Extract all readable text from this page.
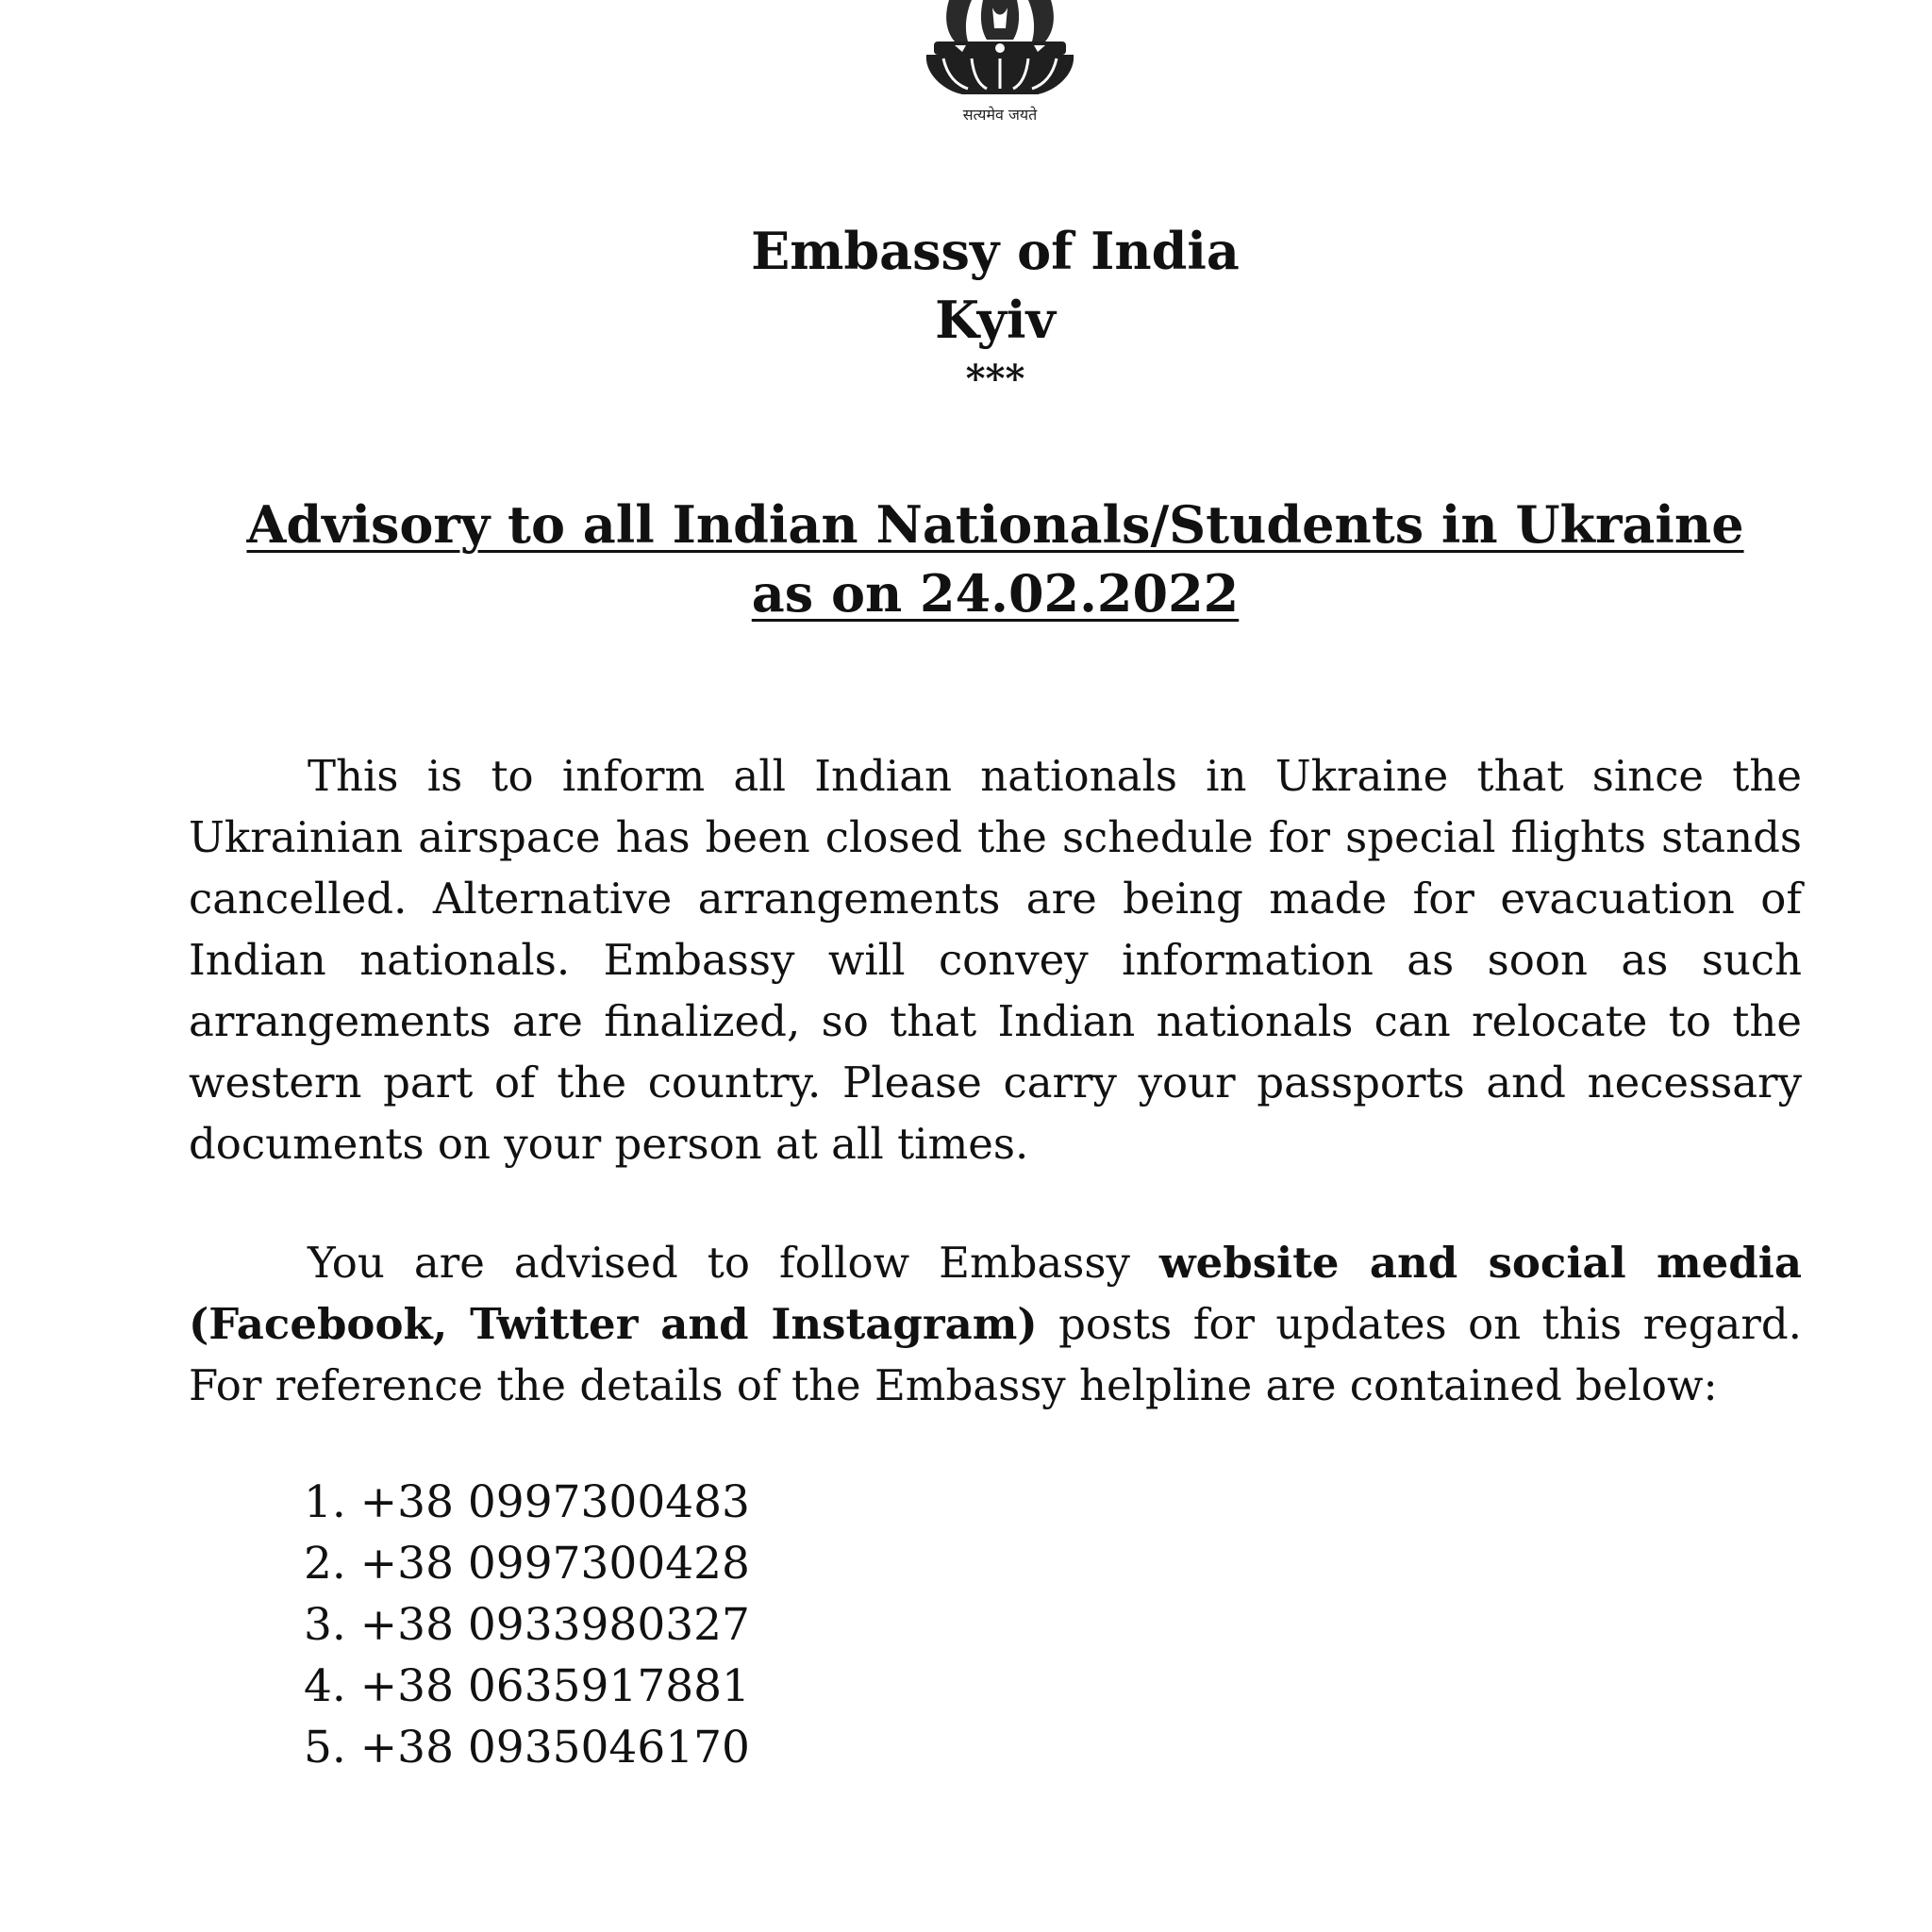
सत्यमेव जयते
Embassy of India
Kyiv
***
Advisory to all Indian Nationals/Students in Ukraine
as on 24.02.2022
This is to inform all Indian nationals in Ukraine that since the Ukrainian airspace has been closed the schedule for special flights stands cancelled. Alternative arrangements are being made for evacuation of Indian nationals. Embassy will convey information as soon as such arrangements are finalized, so that Indian nationals can relocate to the western part of the country. Please carry your passports and necessary documents on your person at all times.
You are advised to follow Embassy website and social media (Facebook, Twitter and Instagram) posts for updates on this regard. For reference the details of the Embassy helpline are contained below:
1. +38 0997300483
2. +38 0997300428
3. +38 0933980327
4. +38 0635917881
5. +38 0935046170
